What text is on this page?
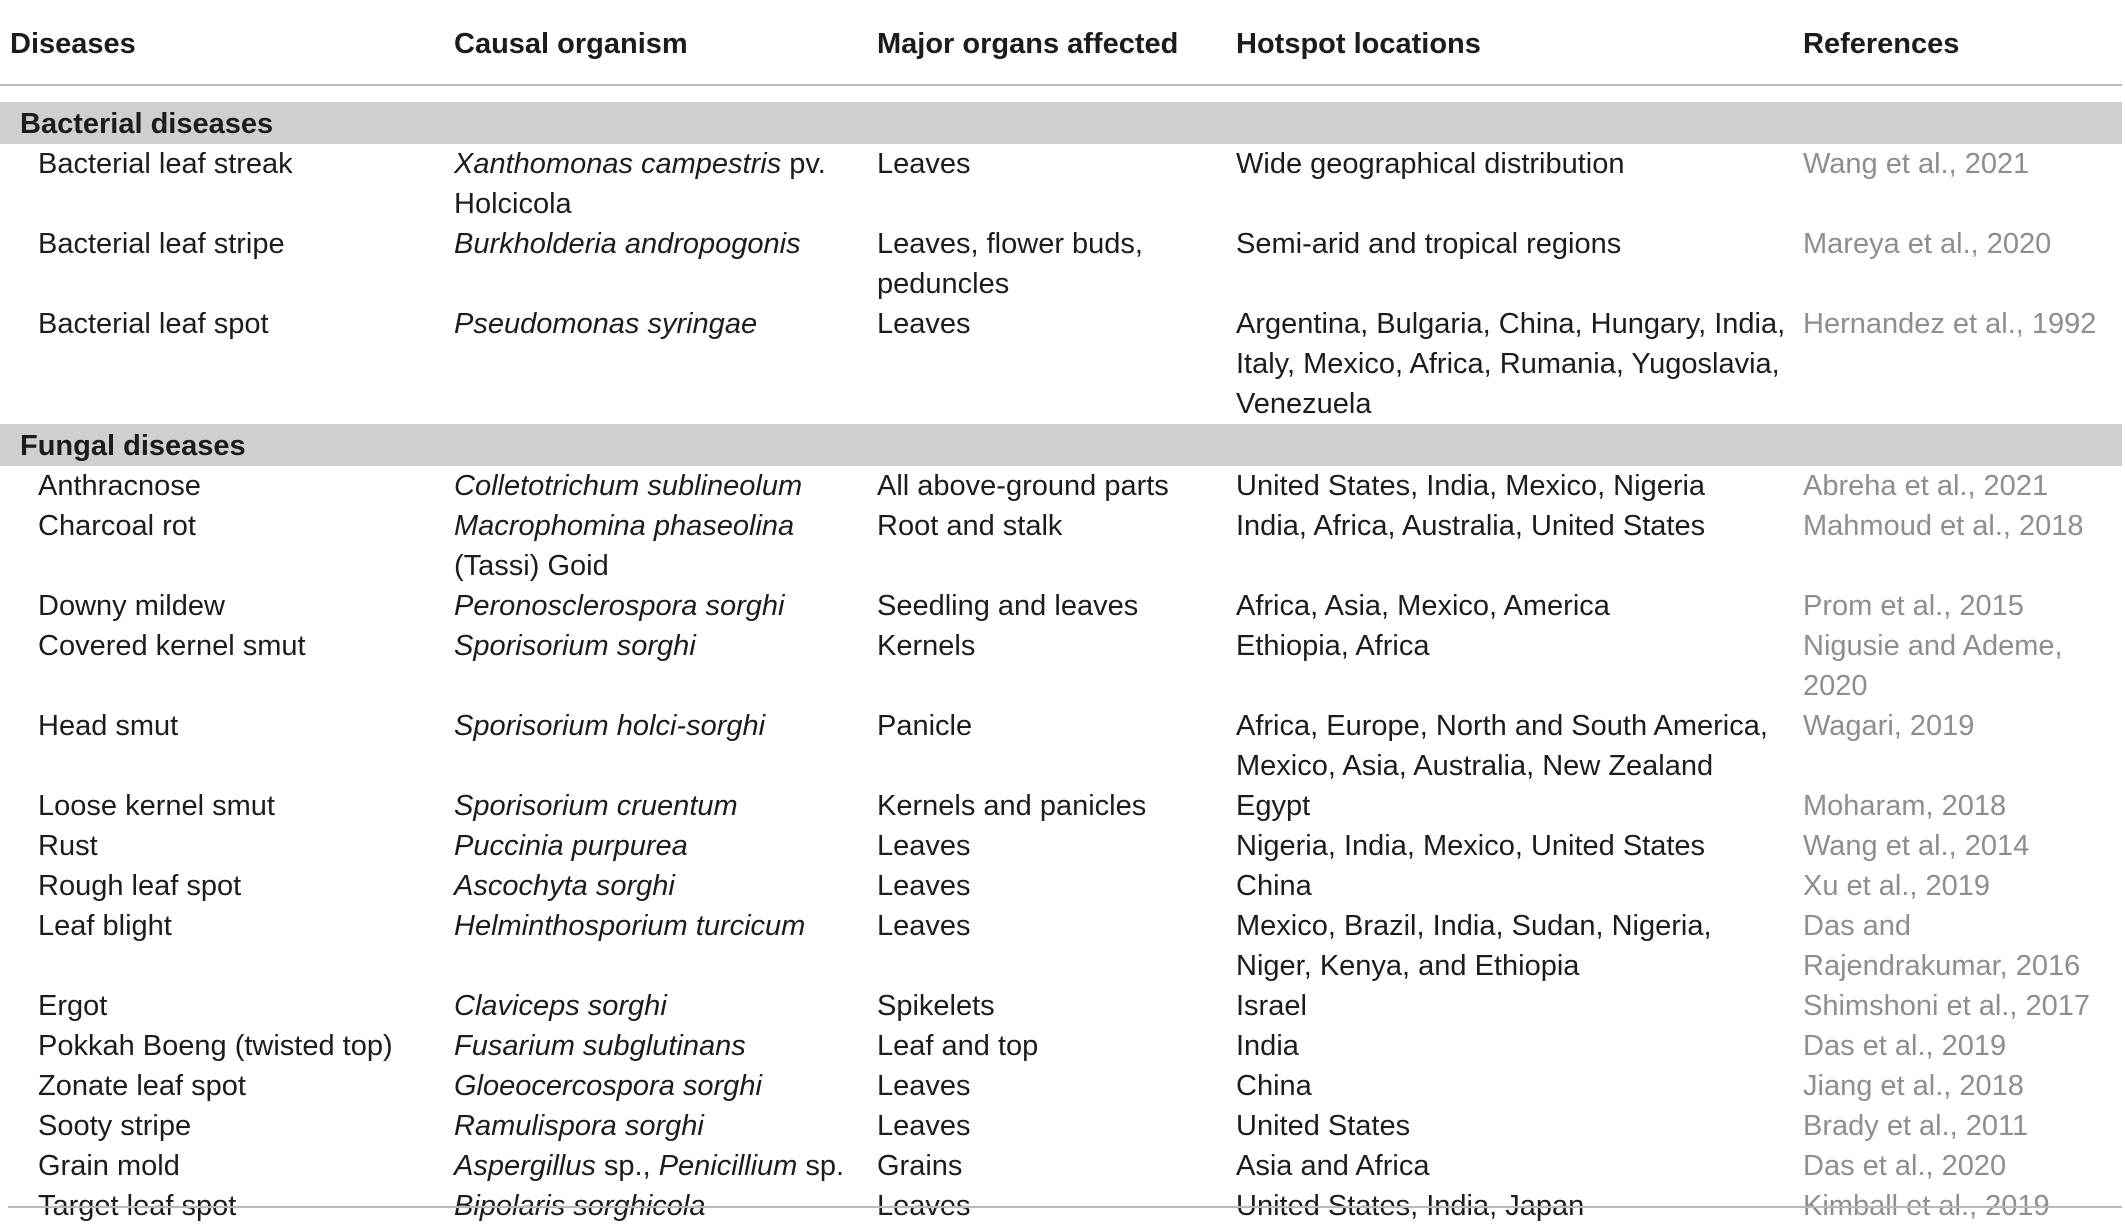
Diseases	Causal organism	Major organs affected	Hotspot locations	References

Bacterial diseases				
Bacterial leaf streak	Xanthomonas campestris pv. Holcicola	Leaves	Wide geographical distribution	Wang et al., 2021
Bacterial leaf stripe	Burkholderia andropogonis	Leaves, flower buds, peduncles	Semi-arid and tropical regions	Mareya et al., 2020
Bacterial leaf spot	Pseudomonas syringae	Leaves	Argentina, Bulgaria, China, Hungary, India, Italy, Mexico, Africa, Rumania, Yugoslavia, Venezuela	Hernandez et al., 1992
Fungal diseases				
Anthracnose	Colletotrichum sublineolum	All above-ground parts	United States, India, Mexico, Nigeria	Abreha et al., 2021
Charcoal rot	Macrophomina phaseolina (Tassi) Goid	Root and stalk	India, Africa, Australia, United States	Mahmoud et al., 2018
Downy mildew	Peronosclerospora sorghi	Seedling and leaves	Africa, Asia, Mexico, America	Prom et al., 2015
Covered kernel smut	Sporisorium sorghi	Kernels	Ethiopia, Africa	Nigusie and Ademe, 2020
Head smut	Sporisorium holci-sorghi	Panicle	Africa, Europe, North and South America, Mexico, Asia, Australia, New Zealand	Wagari, 2019
Loose kernel smut	Sporisorium cruentum	Kernels and panicles	Egypt	Moharam, 2018
Rust	Puccinia purpurea	Leaves	Nigeria, India, Mexico, United States	Wang et al., 2014
Rough leaf spot	Ascochyta sorghi	Leaves	China	Xu et al., 2019
Leaf blight	Helminthosporium turcicum	Leaves	Mexico, Brazil, India, Sudan, Nigeria, Niger, Kenya, and Ethiopia	Das and Rajendrakumar, 2016
Ergot	Claviceps sorghi	Spikelets	Israel	Shimshoni et al., 2017
Pokkah Boeng (twisted top)	Fusarium subglutinans	Leaf and top	India	Das et al., 2019
Zonate leaf spot	Gloeocercospora sorghi	Leaves	China	Jiang et al., 2018
Sooty stripe	Ramulispora sorghi	Leaves	United States	Brady et al., 2011
Grain mold	Aspergillus sp., Penicillium sp.	Grains	Asia and Africa	Das et al., 2020
Target leaf spot	Bipolaris sorghicola	Leaves	United States, India, Japan	Kimball et al., 2019
